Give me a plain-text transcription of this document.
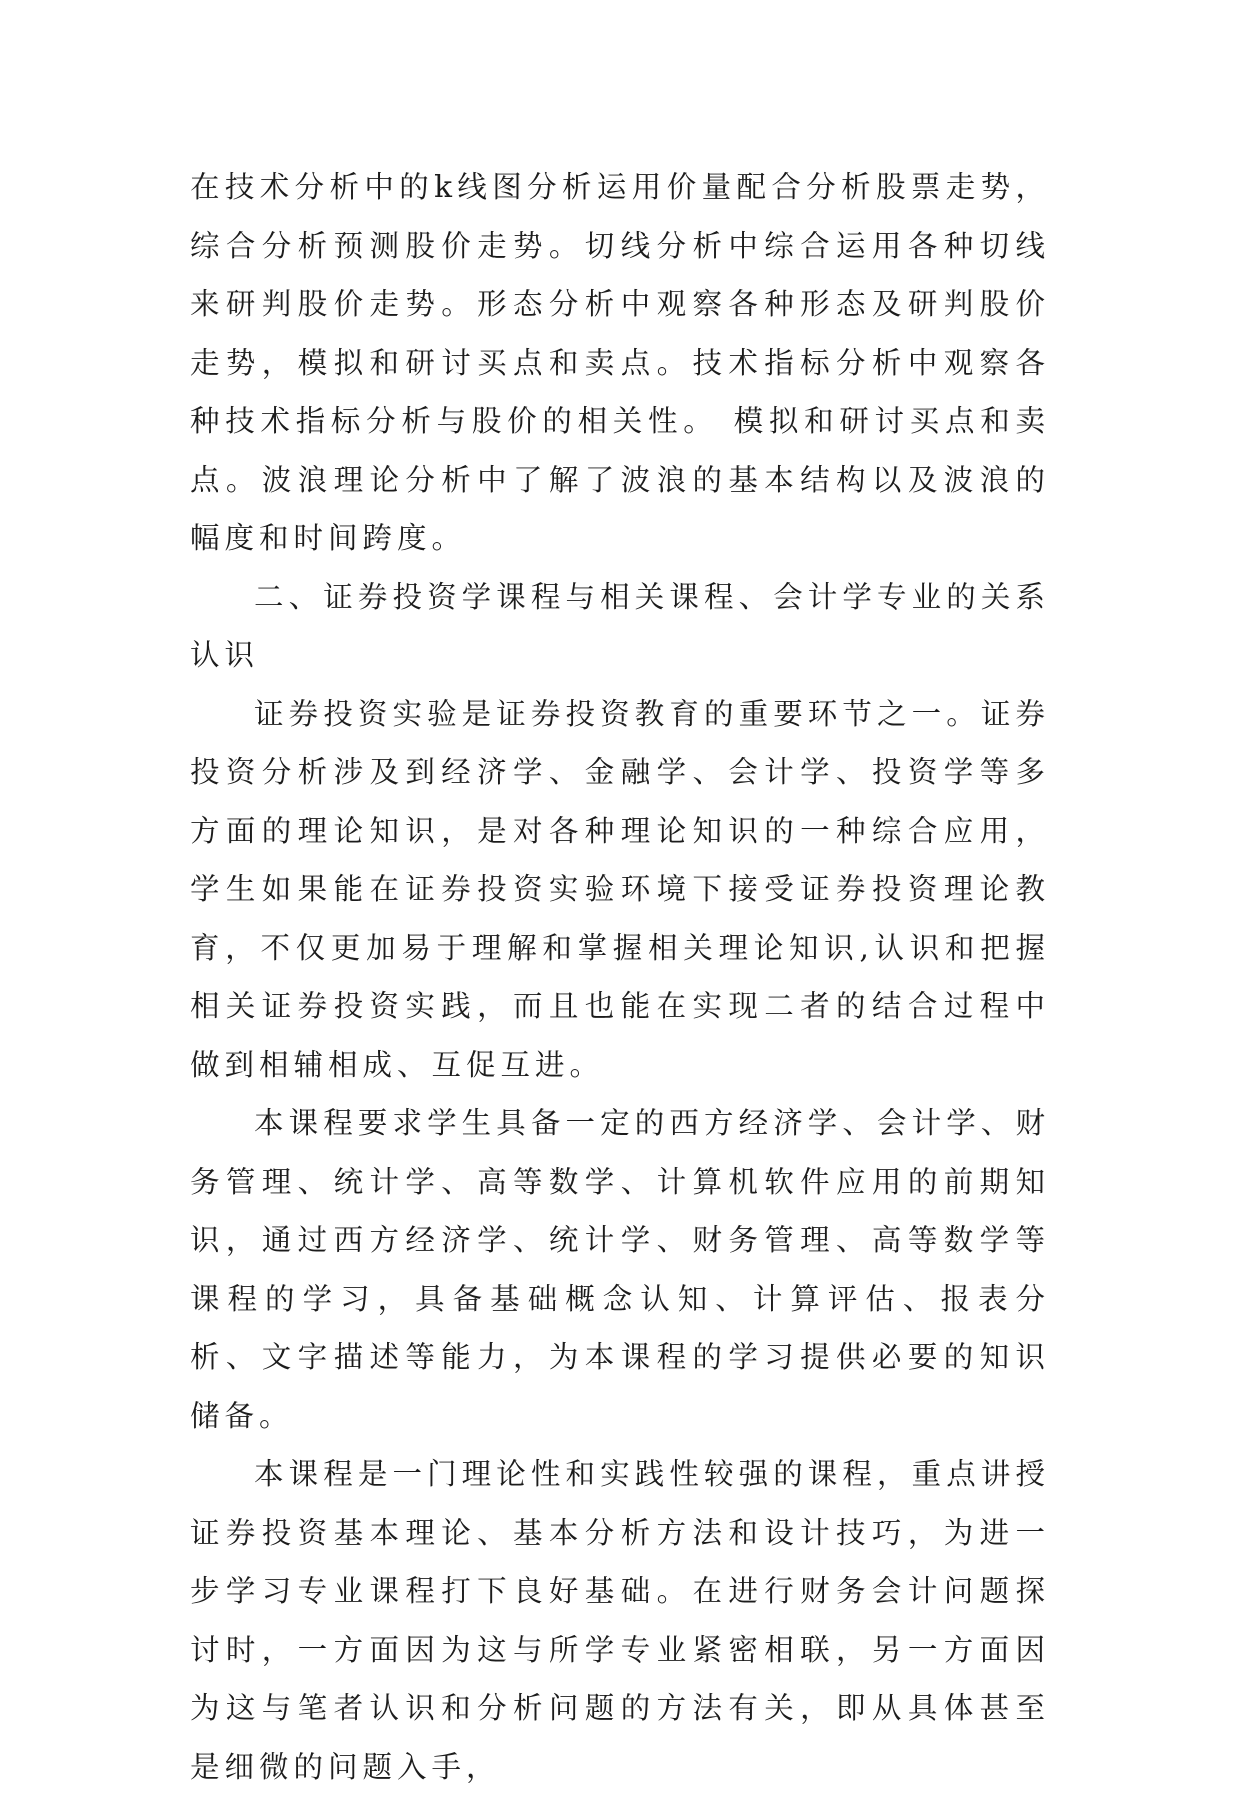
在技术分析中的k线图分析运用价量配合分析股票走势，综合分析预测股价走势。切线分析中综合运用各种切线来研判股价走势。形态分析中观察各种形态及研判股价走势，模拟和研讨买点和卖点。技术指标分析中观察各种技术指标分析与股价的相关性。 模拟和研讨买点和卖点。波浪理论分析中了解了波浪的基本结构以及波浪的幅度和时间跨度。

二、证券投资学课程与相关课程、会计学专业的关系认识

证券投资实验是证券投资教育的重要环节之一。证券投资分析涉及到经济学、金融学、会计学、投资学等多方面的理论知识，是对各种理论知识的一种综合应用，学生如果能在证券投资实验环境下接受证券投资理论教育，不仅更加易于理解和掌握相关理论知识,认识和把握相关证券投资实践，而且也能在实现二者的结合过程中做到相辅相成、互促互进。

本课程要求学生具备一定的西方经济学、会计学、财务管理、统计学、高等数学、计算机软件应用的前期知识，通过西方经济学、统计学、财务管理、高等数学等课程的学习，具备基础概念认知、计算评估、报表分析、文字描述等能力，为本课程的学习提供必要的知识储备。

本课程是一门理论性和实践性较强的课程，重点讲授证券投资基本理论、基本分析方法和设计技巧，为进一步学习专业课程打下良好基础。在进行财务会计问题探讨时，一方面因为这与所学专业紧密相联，另一方面因为这与笔者认识和分析问题的方法有关，即从具体甚至是细微的问题入手，
